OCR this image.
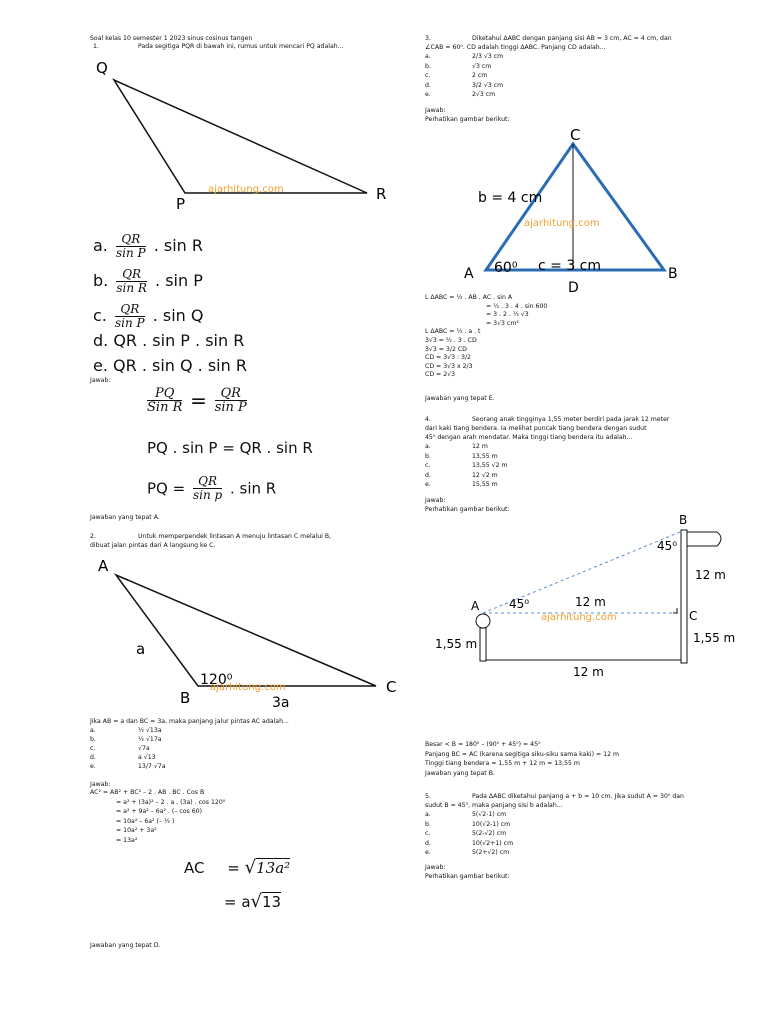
Soal kelas 10 semester 1 2023 sinus cosinus tangen
1.	Pada segitiga PQR di bawah ini, rumus untuk mencari PQ adalah...
Q
P
R
ajarhitung.com
a. $\frac{QR}{\text{sin P}}$ . sin R
b. $\frac{QR}{\text{sin R}}$ . sin P
c. $\frac{QR}{\text{sin P}}$ . sin Q
d. QR . sin P . sin R
e. QR . sin Q . sin R
Jawab:
$\frac{PQ}{\text{Sin R}} = \frac{QR}{\text{sin P}}$
PQ . sin P = QR . sin R
PQ = $\frac{QR}{\text{sin p}}$ . sin R
Jawaban yang tepat A.
2.	Untuk memperpendek lintasan A menuju lintasan C melalui B,
dibuat jalan pintas dari A langsung ke C.
A
a
120⁰	C
B	3a
ajarhitung.com
Jika AB = a dan BC = 3a, maka panjang jalur pintas AC adalah...
a.	½ √13a
b.	½ √17a
c.	√7a
d.	a √13
e.	13/7 √7a
Jawab:
AC² = AB² + BC² – 2 . AB . BC . Cos B
= a² + (3a)² – 2 . a . (3a) . cos 120⁰
= a² + 9a² – 6a² . (– cos 60)
= 10a² – 6a² (– ½ )
= 10a² + 3a²
= 13a²
AC = √13a²
= a√13
Jawaban yang tepat D.
3.	Diketahui ΔABC dengan panjang sisi AB = 3 cm, AC = 4 cm, dan
∠CAB = 60⁰. CD adalah tinggi ΔABC. Panjang CD adalah...
a.	2/3 √3 cm
b.	√3 cm
c.	2 cm
d.	3/2 √3 cm
e.	2√3 cm
Jawab:
Perhatikan gambar berikut:
C
b = 4 cm
A 60⁰ c = 3 cm	B
D
ajarhitung.com
L ΔABC = ½ . AB . AC . sin A
= ½ . 3 . 4 . sin 600
= 3 . 2 . ½ √3
= 3√3 cm²
L ΔABC = ½ . a . t
3√3 = ½ . 3 . CD
3√3 = 3/2 CD
CD = 3√3 : 3/2
CD = 3√3 x 2/3
CD = 2√3
Jawaban yang tepat E.
4.	Seorang anak tingginya 1,55 meter berdiri pada jarak 12 meter
dari kaki tiang bendera. Ia melihat puncak tiang bendera dengan sudut
45⁰ dengan arah mendatar. Maka tinggi tiang bendera itu adalah...
a.	12 m
b.	13,55 m
c.	13,55 √2 m
d.	12 √2 m
e.	15,55 m
Jawab:
Perhatikan gambar berikut:
B
45⁰
12 m
A 45⁰	12 m
C
1,55 m	1,55 m
12 m
ajarhitung.com
Besar < B = 180⁰ – (90⁰ + 45⁰) = 45⁰
Panjang BC = AC (karena segitiga siku-siku sama kaki) = 12 m
Tinggi tiang bendera = 1,55 m + 12 m = 13,55 m
Jawaban yang tepat B.
5.	Pada ΔABC diketahui panjang a + b = 10 cm. Jika sudut A = 30⁰ dan
sudut B = 45⁰, maka panjang sisi b adalah...
a.	5(√2-1) cm
b.	10(√2-1) cm
c.	5(2-√2) cm
d.	10(√2+1) cm
e.	5(2+√2) cm
Jawab:
Perhatikan gambar berikut:
